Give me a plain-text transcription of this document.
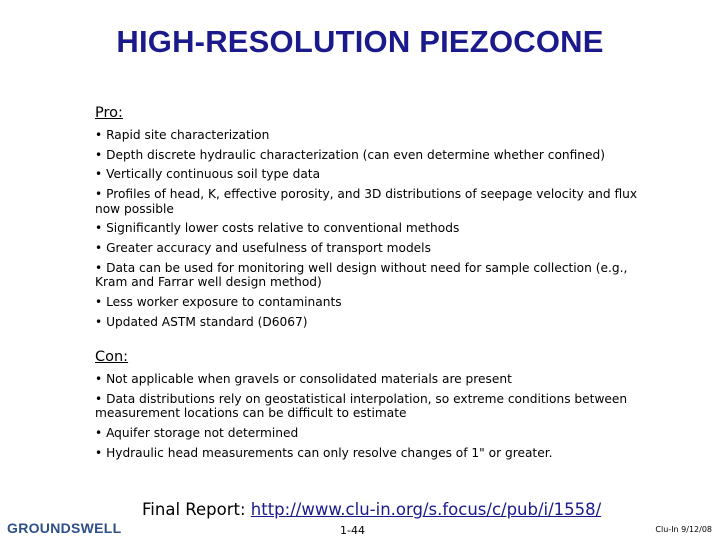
HIGH-RESOLUTION PIEZOCONE
Pro:
• Rapid site characterization
• Depth discrete hydraulic characterization (can even determine whether confined)
• Vertically continuous soil type data
• Profiles of head, K, effective porosity, and 3D distributions of seepage velocity and flux now possible
• Significantly lower costs relative to conventional methods
• Greater accuracy and usefulness of transport models
• Data can be used for monitoring well design without need for sample collection (e.g., Kram and Farrar well design method)
• Less worker exposure to contaminants
• Updated ASTM standard (D6067)
Con:
• Not applicable when gravels or consolidated materials are present
• Data distributions rely on geostatistical interpolation, so extreme conditions between measurement locations can be difficult to estimate
• Aquifer storage not determined
• Hydraulic head measurements can only resolve changes of 1" or greater.
Final Report: http://www.clu-in.org/s.focus/c/pub/i/1558/
GROUNDSWELL	1-44	Clu-In 9/12/08
